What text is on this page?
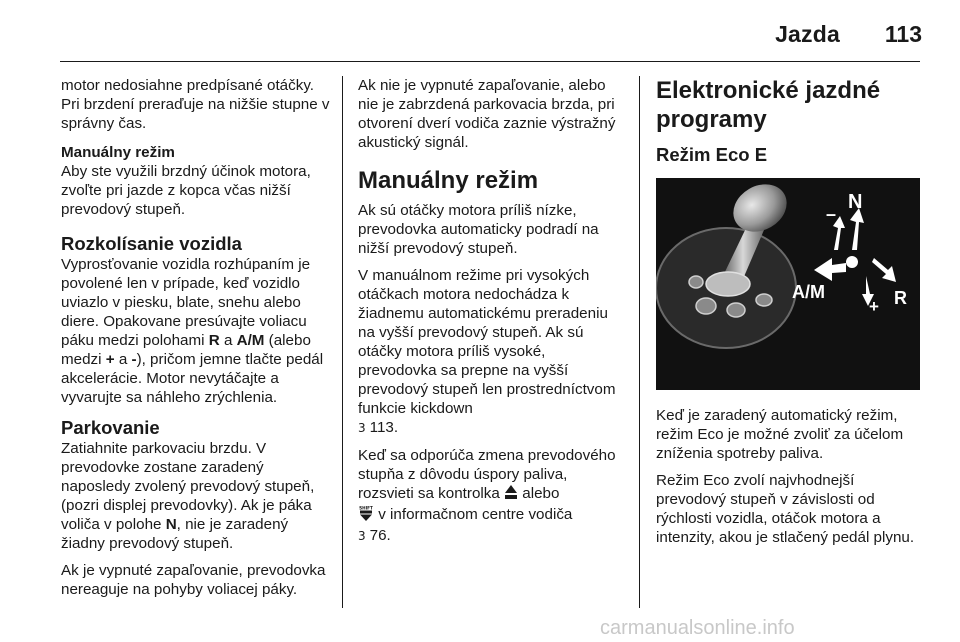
Jazda	113

motor nedosiahne predpísané otáčky. Pri brzdení preraďuje na nižšie stupne v správny čas.

Manuálny režim

Aby ste využili brzdný účinok motora, zvoľte pri jazde z kopca včas nižší prevodový stupeň.

Rozkolísanie vozidla

Vyprosťovanie vozidla rozhúpaním je povolené len v prípade, keď vozidlo uviazlo v piesku, blate, snehu alebo diere. Opakovane presúvajte voliacu páku medzi polohami R a A/M (alebo medzi + a -), pričom jemne tlačte pedál akcelerácie. Motor nevytáčajte a vyvarujte sa náhleho zrýchlenia.

Parkovanie

Zatiahnite parkovaciu brzdu. V prevodovke zostane zaradený naposledy zvolený prevodový stupeň, (pozri displej prevodovky). Ak je páka voliča v polohe N, nie je zaradený žiadny prevodový stupeň.

Ak je vypnuté zapaľovanie, prevodovka nereaguje na pohyby voliacej páky.

Ak nie je vypnuté zapaľovanie, alebo nie je zabrzdená parkovacia brzda, pri otvorení dverí vodiča zaznie výstražný akustický signál.

Manuálny režim

Ak sú otáčky motora príliš nízke, prevodovka automaticky podradí na nižší prevodový stupeň.

V manuálnom režime pri vysokých otáčkach motora nedochádza k žiadnemu automatickému preradeniu na vyšší prevodový stupeň. Ak sú otáčky motora príliš vysoké, prevodovka sa prepne na vyšší prevodový stupeň len prostredníctvom funkcie kickdown

3 113.

Keď sa odporúča zmena prevodového stupňa z dôvodu úspory paliva, rozsvieti sa kontrolka  alebo

SHIFT v informačnom centre vodiča

3 76.

Elektronické jazdné programy
Režim Eco E
N
–
A/M
+ R

Keď je zaradený automatický režim, režim Eco je možné zvoliť za účelom zníženia spotreby paliva.

Režim Eco zvolí najvhodnejší prevodový stupeň v závislosti od rýchlosti vozidla, otáčok motora a intenzity, akou je stlačený pedál plynu.

carmanualsonline.info
